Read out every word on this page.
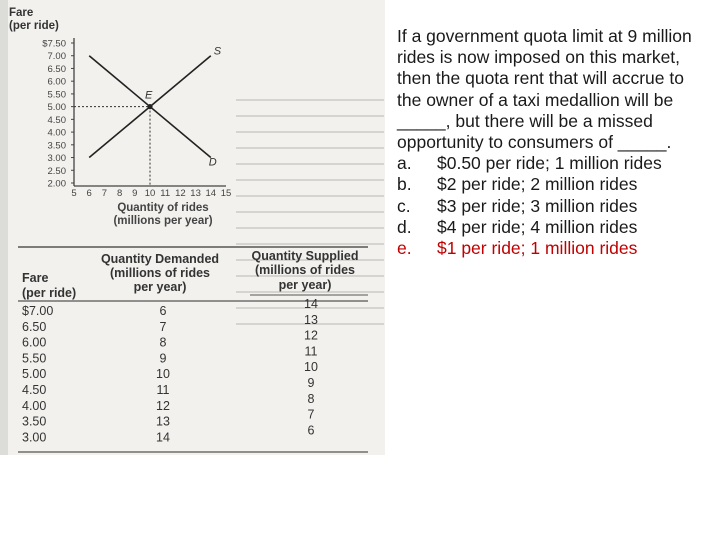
Fare
(per ride)
$7.50
7.00
6.50
6.00
5.50
5.00
4.50
4.00
3.50
3.00
2.50
2.00
5 6 7 8 9 10 11 12 13 14 15
E
S
D
Quantity of rides
(millions per year)
Quantity Demanded
(millions of rides
per year)
Quantity Supplied
(millions of rides
per year)
Fare
(per ride)
$7.00	6	14
6.50	7	13
6.00	8	12
5.50	9	11
5.00	10	10
4.50	11	9
4.00	12	8
3.50	13	7
3.00	14	6
If a government quota limit at 9 million rides is now imposed on this market, then the quota rent that will accrue to the owner of a taxi medallion will be _____, but there will be a missed opportunity to consumers of _____.
a.	$0.50 per ride; 1 million rides
b.	$2 per ride; 2 million rides
c.	$3 per ride; 3 million rides
d.	$4 per ride; 4 million rides
e.	$1 per ride; 1 million rides
